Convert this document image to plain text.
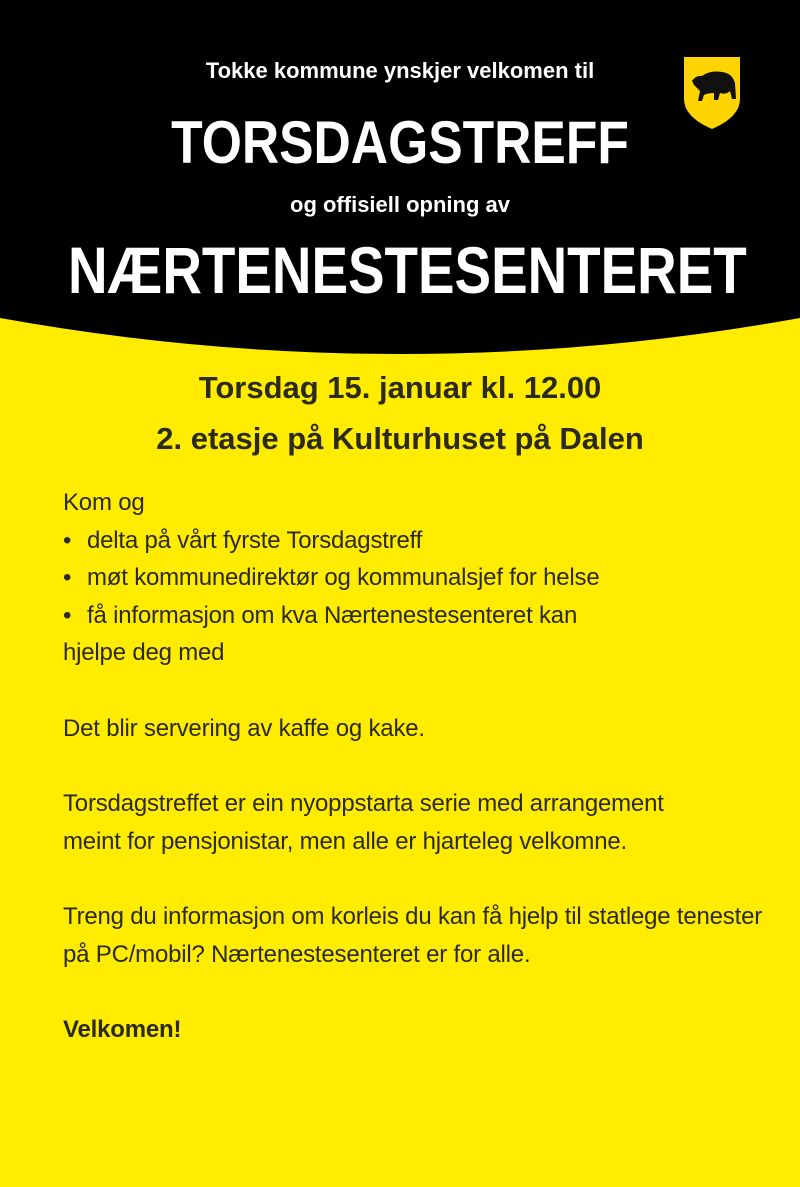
Tokke kommune ynskjer velkomen til
TORSDAGSTREFF
og offisiell opning av
NÆRTENESTESENTERET
Torsdag 15. januar kl. 12.00
2. etasje på Kulturhuset på Dalen

Kom og

• delta på vårt fyrste Torsdagstreff

• møt kommunedirektør og kommunalsjef for helse

• få informasjon om kva Nærtenestesenteret kan

hjelpe deg med

Det blir servering av kaffe og kake.

Torsdagstreffet er ein nyoppstarta serie med arrangement meint for pensjonistar, men alle er hjarteleg velkomne.

Treng du informasjon om korleis du kan få hjelp til statlege tenester på PC/mobil? Nærtenestesenteret er for alle.

Velkomen!
